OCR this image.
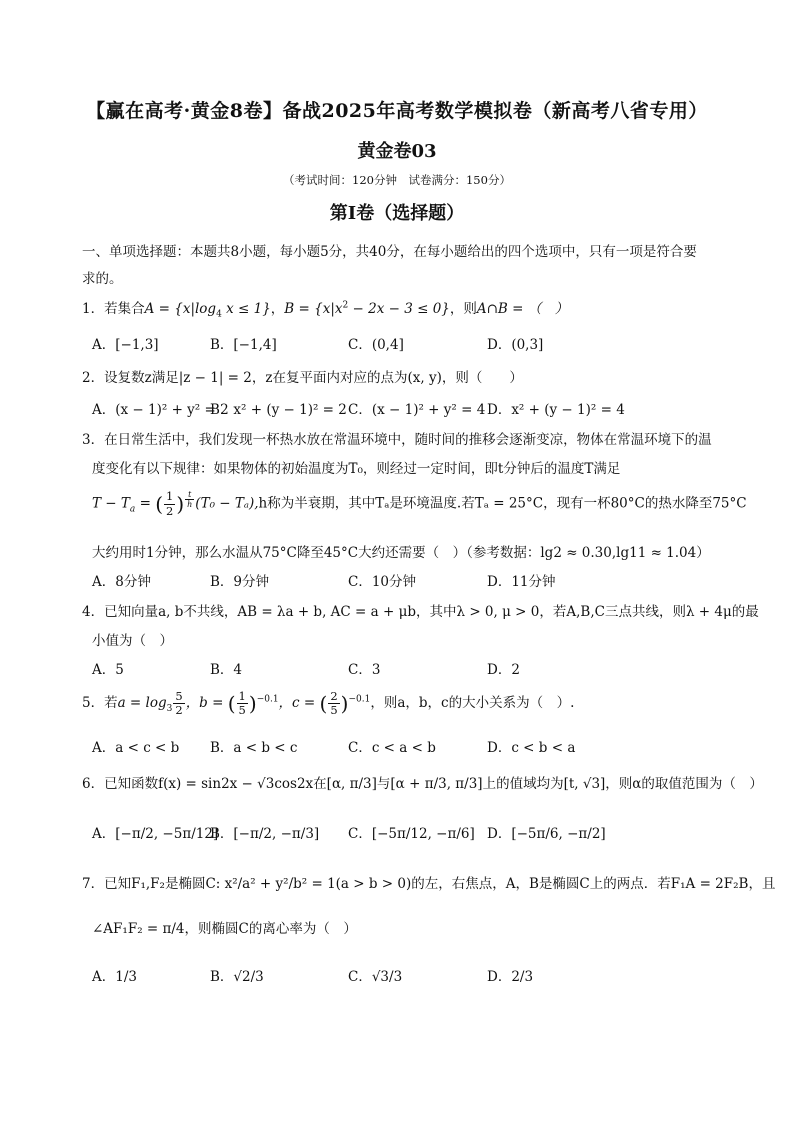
【赢在高考·黄金8卷】备战2025年高考数学模拟卷（新高考八省专用）
黄金卷03
（考试时间：120分钟　试卷满分：150分）
第I卷（选择题）
一、单项选择题：本题共8小题，每小题5分，共40分，在每小题给出的四个选项中，只有一项是符合要
求的。
1．若集合$A = \{x|\log_4$ x ≤ 1}，$B = \{x|x^2 - 2x - 3 \le 0\}$，则A∩B = （　）
A．[−1,3]	B．[−1,4]	C．(0,4]	D．(0,3]
2．设复数z满足|z − 1| = 2，z在复平面内对应的点为(x, y)，则（　　）
A．(x − 1)² + y² = 2
B．x² + (y − 1)² = 2 C．(x − 1)² + y² = 4 D．x² + (y − 1)² = 4
3．在日常生活中，我们发现一杯热水放在常温环境中，随时间的推移会逐渐变凉，物体在常温环境下的温
度变化有以下规律：如果物体的初始温度为T₀，则经过一定时间，即t分钟后的温度T满足
$T - T_a$ = ( $\frac{1}{2}$ ) $^{\frac{t}{h}}$ (T₀ − Tₐ),h称为半衰期，其中Tₐ是环境温度.若Tₐ = 25°C，现有一杯80°C的热水降至75°C
大约用时1分钟，那么水温从75°C降至45°C大约还需要（　）（参考数据：lg2 ≈ 0.30,lg11 ≈ 1.04）
A．8分钟	B．9分钟	C．10分钟	D．11分钟
4．已知向量a, b不共线，AB = λa + b, AC = a + μb，其中λ > 0, μ > 0，若A,B,C三点共线，则λ + 4μ的最
小值为（　）
A．5	B．4	C．3	D．2
5．若$a = \log_3 \frac{5}{2}$ ，b = ( $\frac{1}{5} )^{-0.1}$，c = ( $\frac{2}{5} )^{-0.1}$，则a，b，c的大小关系为（　）.
A．a < c < b B．a < b < c	C．c < a < b	D．c < b < a
6．已知函数f(x) = sin2x − √3cos2x在[α, π/3]与[α + π/3, π/3]上的值域均为[t, √3]，则α的取值范围为（　）
A．[−π/2, −5π/12]
B．[−π/2, −π/3] C．[−5π/12, −π/6] D．[−5π/6, −π/2]
7．已知F₁,F₂是椭圆C: x²/a² + y²/b² = 1(a > b > 0)的左，右焦点，A，B是椭圆C上的两点．若F₁A = 2F₂B，且
∠AF₁F₂ = π/4，则椭圆C的离心率为（　）
A．1/3	B．√2/3	C．√3/3	D．2/3
